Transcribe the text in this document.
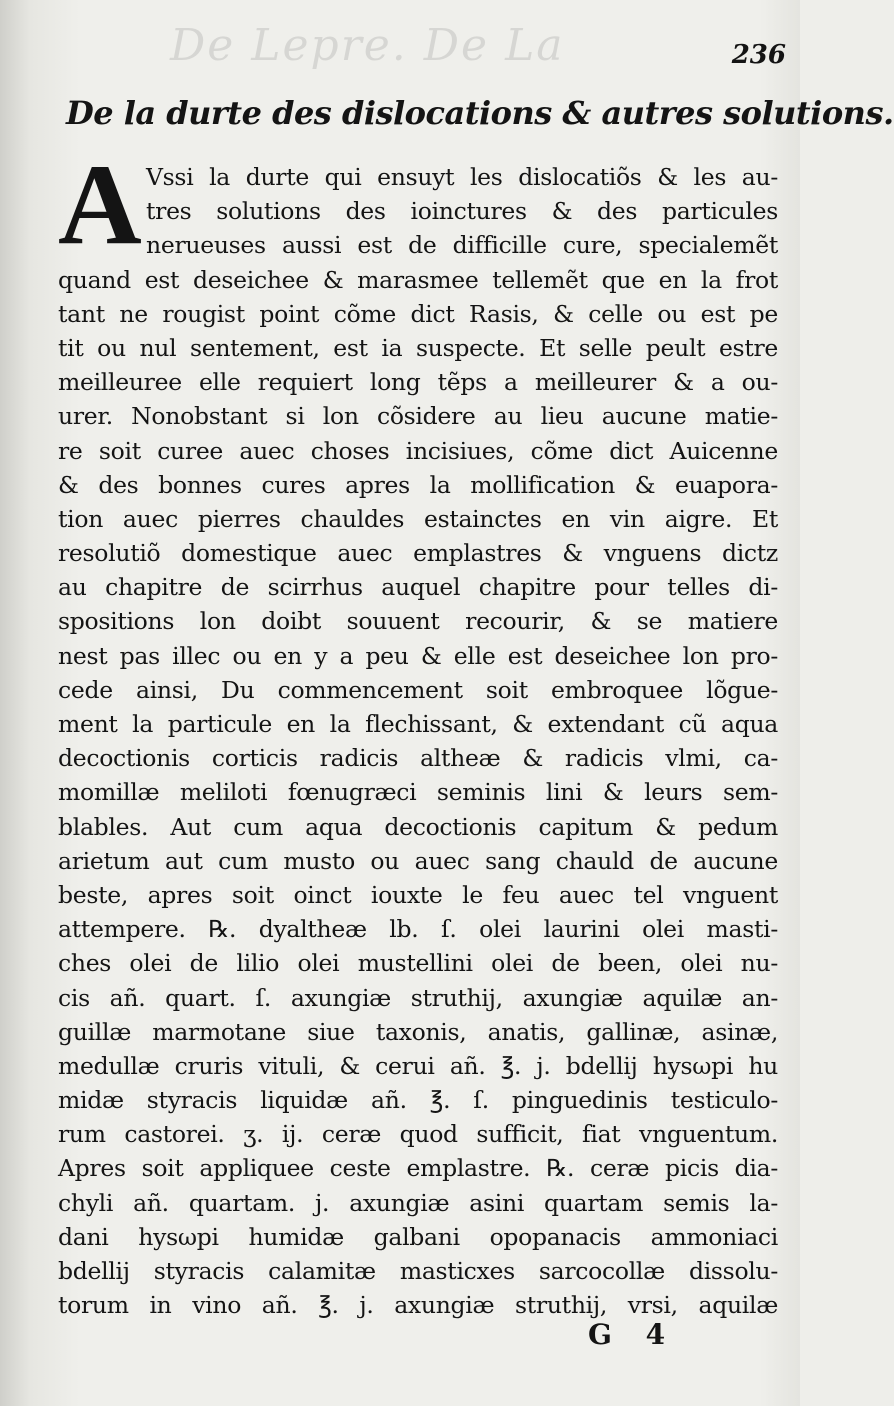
De Lepre. De La	236
De la durte des dislocations & autres solutions.
A Vssi la durte qui ensuyt les dislocatiõs & les au-
tres solutions des ioinctures & des particules
nerueuses aussi est de difficille cure, specialemẽt
quand est deseichee & marasmee tellemẽt que en la frot
tant ne rougist point cõme dict Rasis, & celle ou est pe
tit ou nul sentement, est ia suspecte. Et selle peult estre
meilleuree elle requiert long tẽps a meilleurer & a ou-
urer. Nonobstant si lon cõsidere au lieu aucune matie-
re soit curee auec choses incisiues, cõme dict Auicenne
& des bonnes cures apres la mollification & euapora-
tion auec pierres chauldes estainctes en vin aigre. Et
resolutiõ domestique auec emplastres & vnguens dictz
au chapitre de scirrhus auquel chapitre pour telles di-
spositions lon doibt souuent recourir, & se matiere
nest pas illec ou en y a peu & elle est deseichee lon pro-
cede ainsi, Du commencement soit embroquee lõgue-
ment la particule en la flechissant, & extendant cũ aqua
decoctionis corticis radicis altheæ & radicis vlmi, ca-
momillæ meliloti fœnugræci seminis lini & leurs sem-
blables. Aut cum aqua decoctionis capitum & pedum
arietum aut cum musto ou auec sang chauld de aucune
beste, apres soit oinct iouxte le feu auec tel vnguent
attempere. ℞. dyaltheæ lb. ſ. olei laurini olei masti-
ches olei de lilio olei mustellini olei de been, olei nu-
cis añ. quart. ſ. axungiæ struthij, axungiæ aquilæ an-
guillæ marmotane siue taxonis, anatis, gallinæ, asinæ,
medullæ cruris vituli, & cerui añ. ℥. j. bdellij hysωpi hu
midæ styracis liquidæ añ. ℥. ſ. pinguedinis testiculo-
rum castorei. ʒ. ij. ceræ quod sufficit, fiat vnguentum.
Apres soit appliquee ceste emplastre. ℞. ceræ picis dia-
chyli añ. quartam. j. axungiæ asini quartam semis la-
dani hysωpi humidæ galbani opopanacis ammoniaci
bdellij styracis calamitæ masticхes sarcocollæ dissolu-
torum in vino añ. ℥. j. axungiæ struthij, vrsi, aquilæ
G 4
